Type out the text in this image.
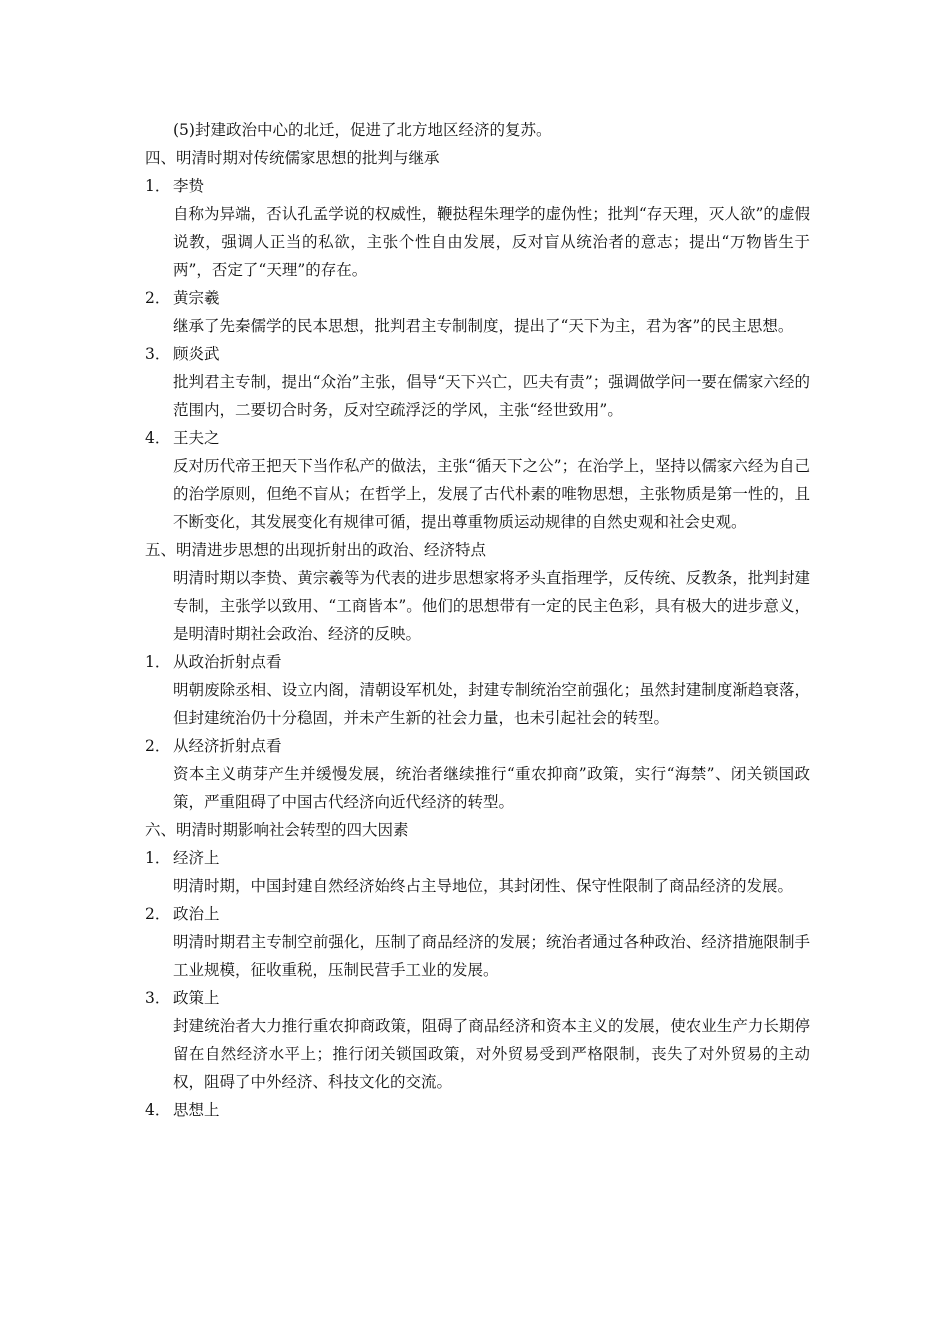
(5)封建政治中心的北迁，促进了北方地区经济的复苏。
四、明清时期对传统儒家思想的批判与继承
1． 李贽
自称为异端，否认孔孟学说的权威性，鞭挞程朱理学的虚伪性；批判“存天理，灭人欲”的虚假说教，强调人正当的私欲，主张个性自由发展，反对盲从统治者的意志；提出“万物皆生于两”，否定了“天理”的存在。
2． 黄宗羲
继承了先秦儒学的民本思想，批判君主专制制度，提出了“天下为主，君为客”的民主思想。
3． 顾炎武
批判君主专制，提出“众治”主张，倡导“天下兴亡，匹夫有责”；强调做学问一要在儒家六经的范围内，二要切合时务，反对空疏浮泛的学风，主张“经世致用”。
4． 王夫之
反对历代帝王把天下当作私产的做法，主张“循天下之公”；在治学上，坚持以儒家六经为自己的治学原则，但绝不盲从；在哲学上，发展了古代朴素的唯物思想，主张物质是第一性的，且不断变化，其发展变化有规律可循，提出尊重物质运动规律的自然史观和社会史观。
五、明清进步思想的出现折射出的政治、经济特点
明清时期以李贽、黄宗羲等为代表的进步思想家将矛头直指理学，反传统、反教条，批判封建专制，主张学以致用、“工商皆本”。他们的思想带有一定的民主色彩，具有极大的进步意义，是明清时期社会政治、经济的反映。
1． 从政治折射点看
明朝废除丞相、设立内阁，清朝设军机处，封建专制统治空前强化；虽然封建制度渐趋衰落，但封建统治仍十分稳固，并未产生新的社会力量，也未引起社会的转型。
2． 从经济折射点看
资本主义萌芽产生并缓慢发展，统治者继续推行“重农抑商”政策，实行“海禁”、闭关锁国政策，严重阻碍了中国古代经济向近代经济的转型。
六、明清时期影响社会转型的四大因素
1． 经济上
明清时期，中国封建自然经济始终占主导地位，其封闭性、保守性限制了商品经济的发展。
2． 政治上
明清时期君主专制空前强化，压制了商品经济的发展；统治者通过各种政治、经济措施限制手工业规模，征收重税，压制民营手工业的发展。
3． 政策上
封建统治者大力推行重农抑商政策，阻碍了商品经济和资本主义的发展，使农业生产力长期停留在自然经济水平上；推行闭关锁国政策，对外贸易受到严格限制，丧失了对外贸易的主动权，阻碍了中外经济、科技文化的交流。
4． 思想上
